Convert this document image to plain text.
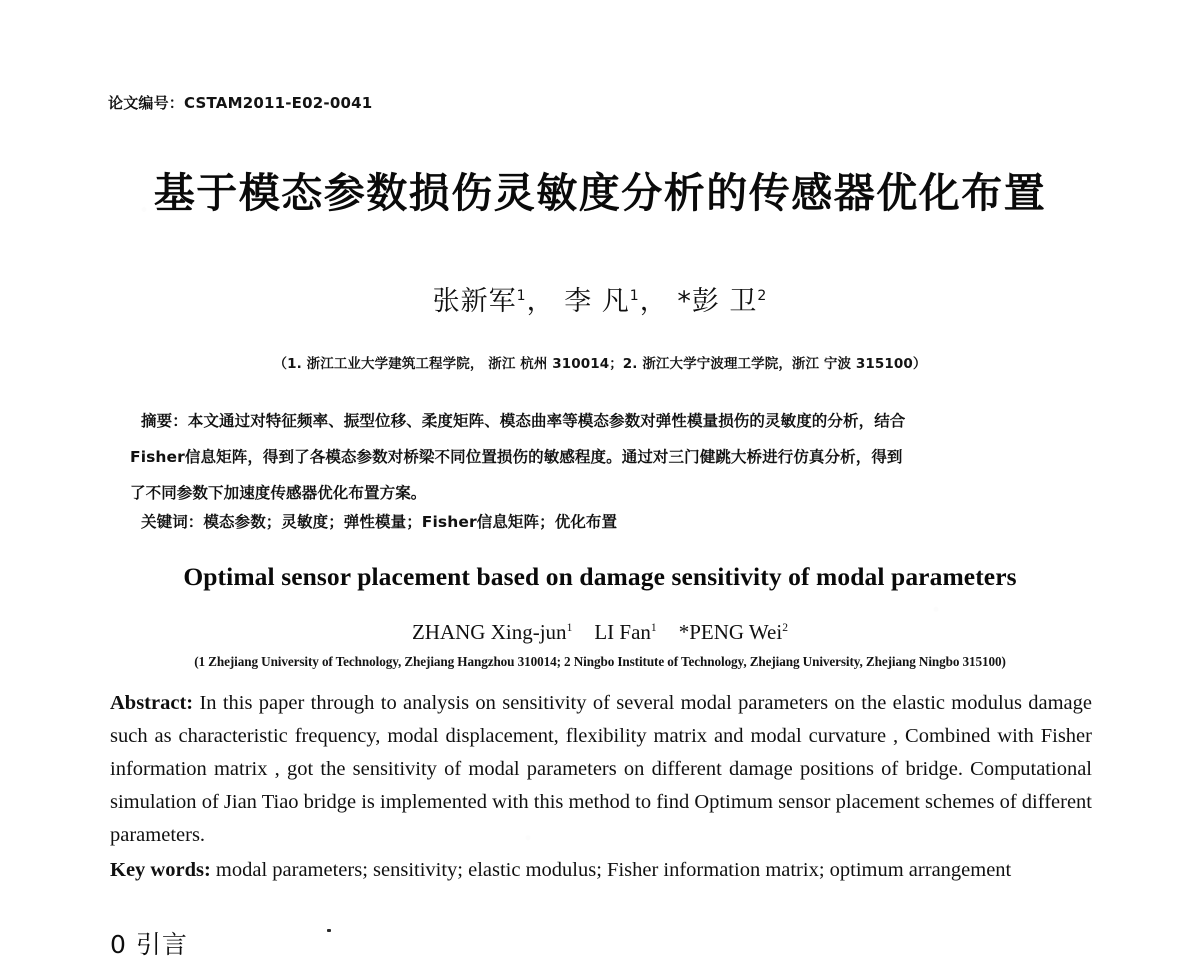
论文编号：CSTAM2011-E02-0041
基于模态参数损伤灵敏度分析的传感器优化布置
张新军$^1$， 李 凡$^1$， *彭 卫$^2$
（1. 浙江工业大学建筑工程学院， 浙江 杭州 310014；2. 浙江大学宁波理工学院，浙江 宁波 315100）
摘要：本文通过对特征频率、振型位移、柔度矩阵、模态曲率等模态参数对弹性模量损伤的灵敏度的分析，结合
Fisher信息矩阵，得到了各模态参数对桥梁不同位置损伤的敏感程度。通过对三门健跳大桥进行仿真分析，得到
了不同参数下加速度传感器优化布置方案。
关键词：模态参数；灵敏度；弹性模量；Fisher信息矩阵；优化布置
Optimal sensor placement based on damage sensitivity of modal parameters
ZHANG Xing-jun$^1$ LI Fan$^1$ *PENG Wei$^2$
(1 Zhejiang University of Technology, Zhejiang Hangzhou 310014; 2 Ningbo Institute of Technology, Zhejiang University, Zhejiang Ningbo 315100)
Abstract: In this paper through to analysis on sensitivity of several modal parameters on the elastic modulus damage such as characteristic frequency, modal displacement, flexibility matrix and modal curvature , Combined with Fisher information matrix , got the sensitivity of modal parameters on different damage positions of bridge. Computational simulation of Jian Tiao bridge is implemented with this method to find Optimum sensor placement schemes of different parameters.
Key words: modal parameters; sensitivity; elastic modulus; Fisher information matrix; optimum arrangement
0 引言
